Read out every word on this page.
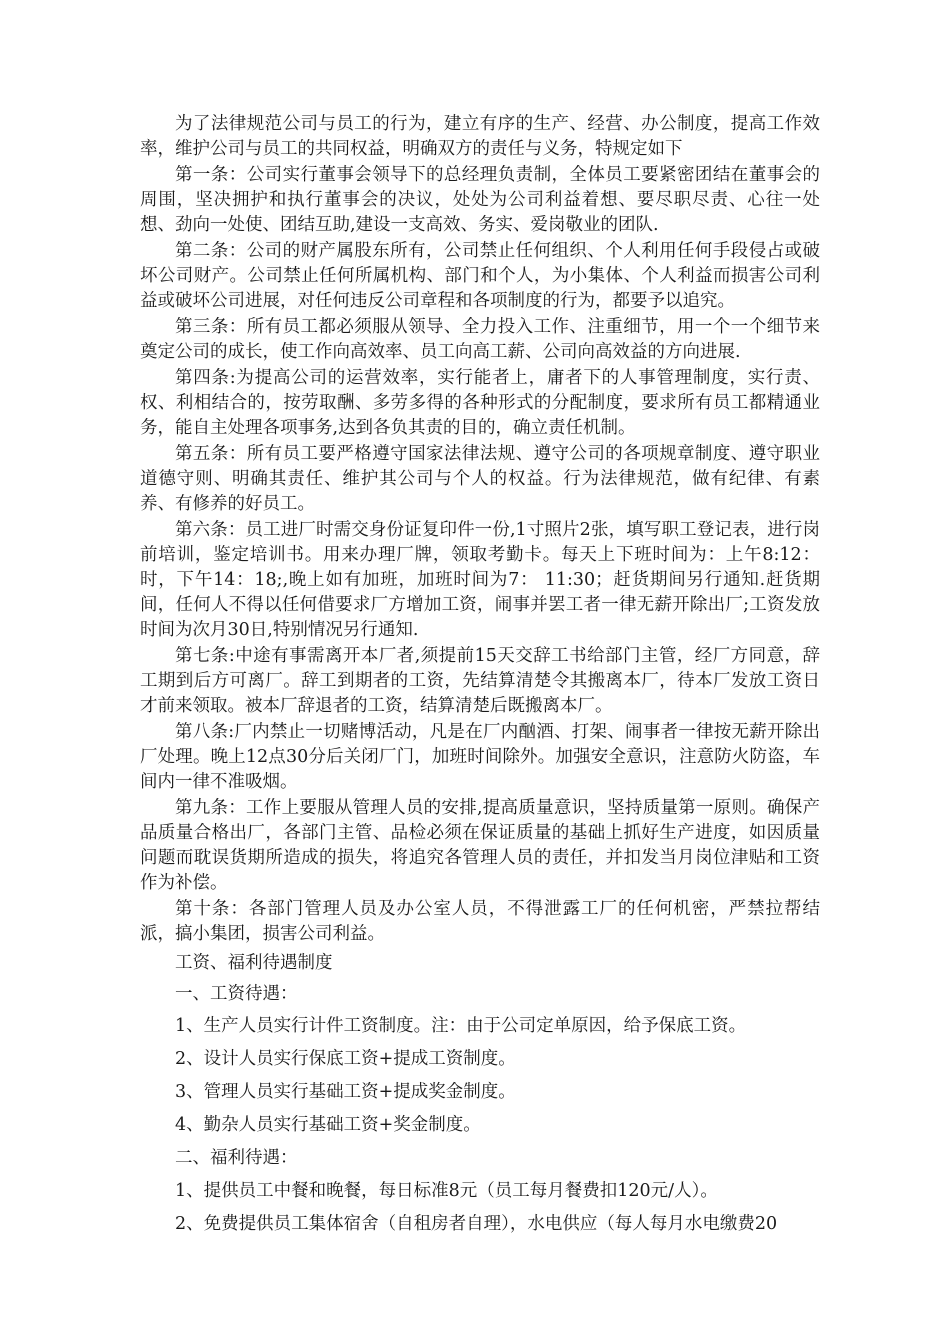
为了法律规范公司与员工的行为，建立有序的生产、经营、办公制度，提高工作效率，维护公司与员工的共同权益，明确双方的责任与义务，特规定如下

第一条：公司实行董事会领导下的总经理负责制，全体员工要紧密团结在董事会的周围，坚决拥护和执行董事会的决议，处处为公司利益着想、要尽职尽责、心往一处想、劲向一处使、团结互助,建设一支高效、务实、爱岗敬业的团队.

第二条：公司的财产属股东所有，公司禁止任何组织、个人利用任何手段侵占或破坏公司财产。公司禁止任何所属机构、部门和个人，为小集体、个人利益而损害公司利益或破坏公司进展，对任何违反公司章程和各项制度的行为，都要予以追究。

第三条：所有员工都必须服从领导、全力投入工作、注重细节，用一个一个细节来奠定公司的成长，使工作向高效率、员工向高工薪、公司向高效益的方向进展.

第四条:为提高公司的运营效率，实行能者上，庸者下的人事管理制度，实行责、权、利相结合的，按劳取酬、多劳多得的各种形式的分配制度，要求所有员工都精通业务，能自主处理各项事务,达到各负其责的目的，确立责任机制。

第五条：所有员工要严格遵守国家法律法规、遵守公司的各项规章制度、遵守职业道德守则、明确其责任、维护其公司与个人的权益。行为法律规范，做有纪律、有素养、有修养的好员工。

第六条：员工进厂时需交身份证复印件一份,1寸照片2张，填写职工登记表，进行岗前培训，鉴定培训书。用来办理厂牌，领取考勤卡。每天上下班时间为：上午8:12：时，下午14：18;,晚上如有加班，加班时间为7： 11:30；赶货期间另行通知.赶货期间，任何人不得以任何借要求厂方增加工资，闹事并罢工者一律无薪开除出厂;工资发放时间为次月30日,特别情况另行通知.

第七条:中途有事需离开本厂者,须提前15天交辞工书给部门主管，经厂方同意，辞工期到后方可离厂。辞工到期者的工资，先结算清楚令其搬离本厂，待本厂发放工资日才前来领取。被本厂辞退者的工资，结算清楚后既搬离本厂。

第八条:厂内禁止一切赌博活动，凡是在厂内酗酒、打架、闹事者一律按无薪开除出厂处理。晚上12点30分后关闭厂门，加班时间除外。加强安全意识，注意防火防盗，车间内一律不准吸烟。

第九条：工作上要服从管理人员的安排,提高质量意识，坚持质量第一原则。确保产品质量合格出厂，各部门主管、品检必须在保证质量的基础上抓好生产进度，如因质量问题而耽误货期所造成的损失，将追究各管理人员的责任，并扣发当月岗位津贴和工资作为补偿。

第十条：各部门管理人员及办公室人员，不得泄露工厂的任何机密，严禁拉帮结派，搞小集团，损害公司利益。

工资、福利待遇制度

一、工资待遇：

1、生产人员实行计件工资制度。注：由于公司定单原因，给予保底工资。

2、设计人员实行保底工资+提成工资制度。

3、管理人员实行基础工资+提成奖金制度。

4、勤杂人员实行基础工资+奖金制度。

二、福利待遇：

1、提供员工中餐和晚餐，每日标准8元（员工每月餐费扣120元/人）。

2、免费提供员工集体宿舍（自租房者自理），水电供应（每人每月水电缴费20
